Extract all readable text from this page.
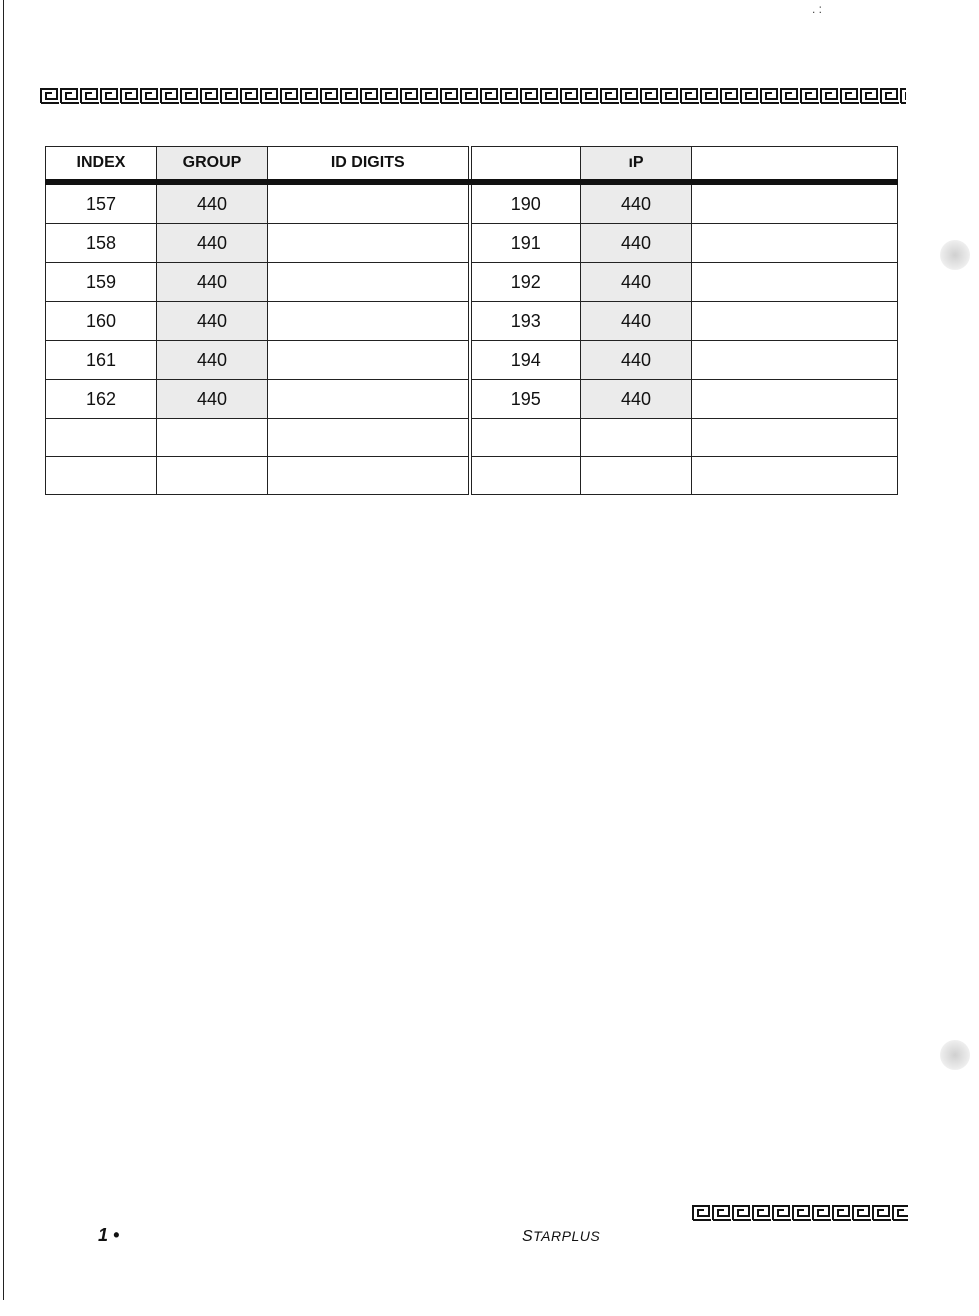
. :
INDEX	GROUP	ID DIGITS		ıP	
157	440		190	440	
158	440		191	440	
159	440		192	440	
160	440		193	440	
161	440		194	440	
162	440		195	440	

1 •	STARPLUS
